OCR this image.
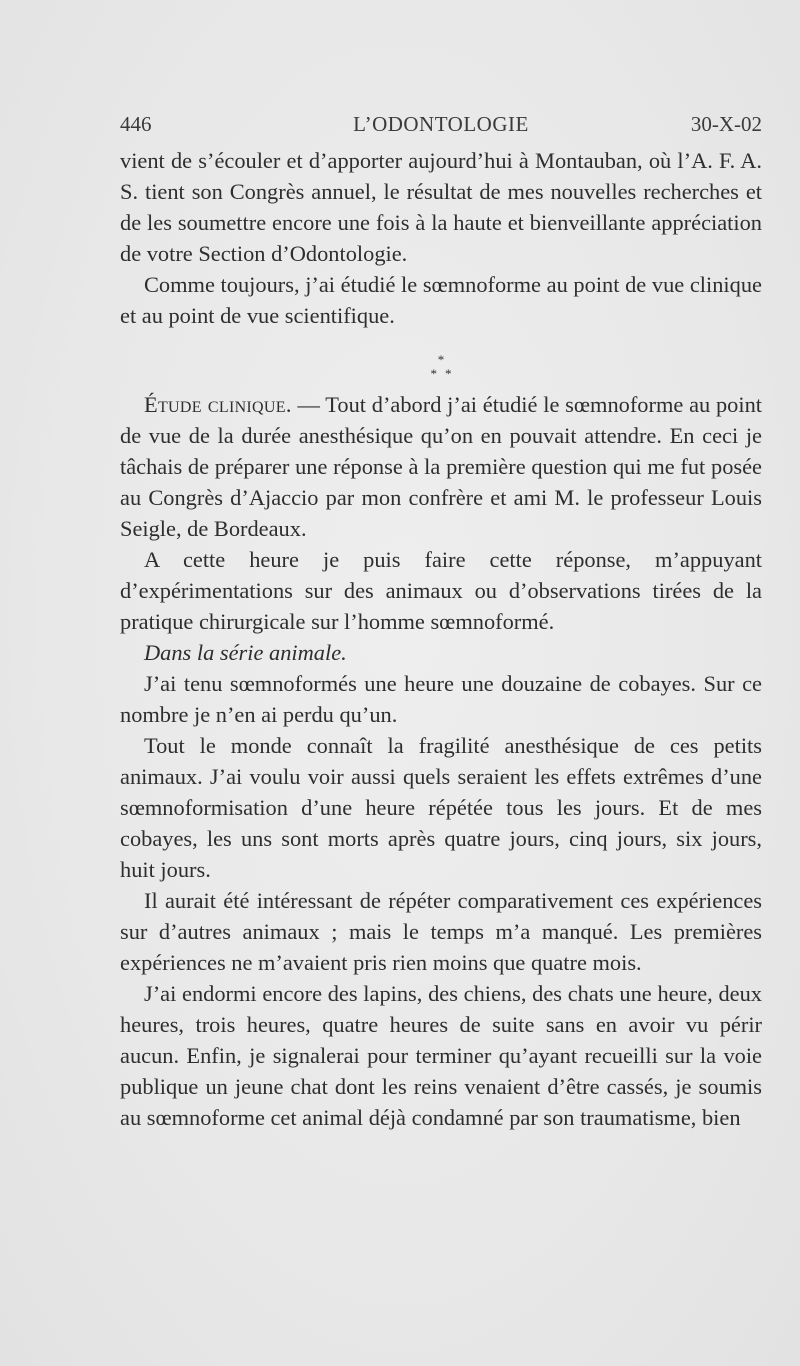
446	L’ODONTOLOGIE	30-X-02

vient de s’écouler et d’apporter aujourd’hui à Montauban, où l’A. F. A. S. tient son Congrès annuel, le résultat de mes nouvelles recherches et de les soumettre encore une fois à la haute et bienveillante appréciation de votre Section d’Odontologie.

Comme toujours, j’ai étudié le sœmnoforme au point de vue clinique et au point de vue scientifique.

*
**

Étude clinique. — Tout d’abord j’ai étudié le sœmnoforme au point de vue de la durée anesthésique qu’on en pouvait attendre. En ceci je tâchais de préparer une réponse à la première question qui me fut posée au Congrès d’Ajaccio par mon confrère et ami M. le professeur Louis Seigle, de Bordeaux.

A cette heure je puis faire cette réponse, m’appuyant d’expérimentations sur des animaux ou d’observations tirées de la pratique chirurgicale sur l’homme sœmnoformé.

Dans la série animale.

J’ai tenu sœmnoformés une heure une douzaine de cobayes. Sur ce nombre je n’en ai perdu qu’un.

Tout le monde connaît la fragilité anesthésique de ces petits animaux. J’ai voulu voir aussi quels seraient les effets extrêmes d’une sœmnoformisation d’une heure répétée tous les jours. Et de mes cobayes, les uns sont morts après quatre jours, cinq jours, six jours, huit jours.

Il aurait été intéressant de répéter comparativement ces expériences sur d’autres animaux ; mais le temps m’a manqué. Les premières expériences ne m’avaient pris rien moins que quatre mois.

J’ai endormi encore des lapins, des chiens, des chats une heure, deux heures, trois heures, quatre heures de suite sans en avoir vu périr aucun. Enfin, je signalerai pour terminer qu’ayant recueilli sur la voie publique un jeune chat dont les reins venaient d’être cassés, je soumis au sœmnoforme cet animal déjà condamné par son traumatisme, bien
